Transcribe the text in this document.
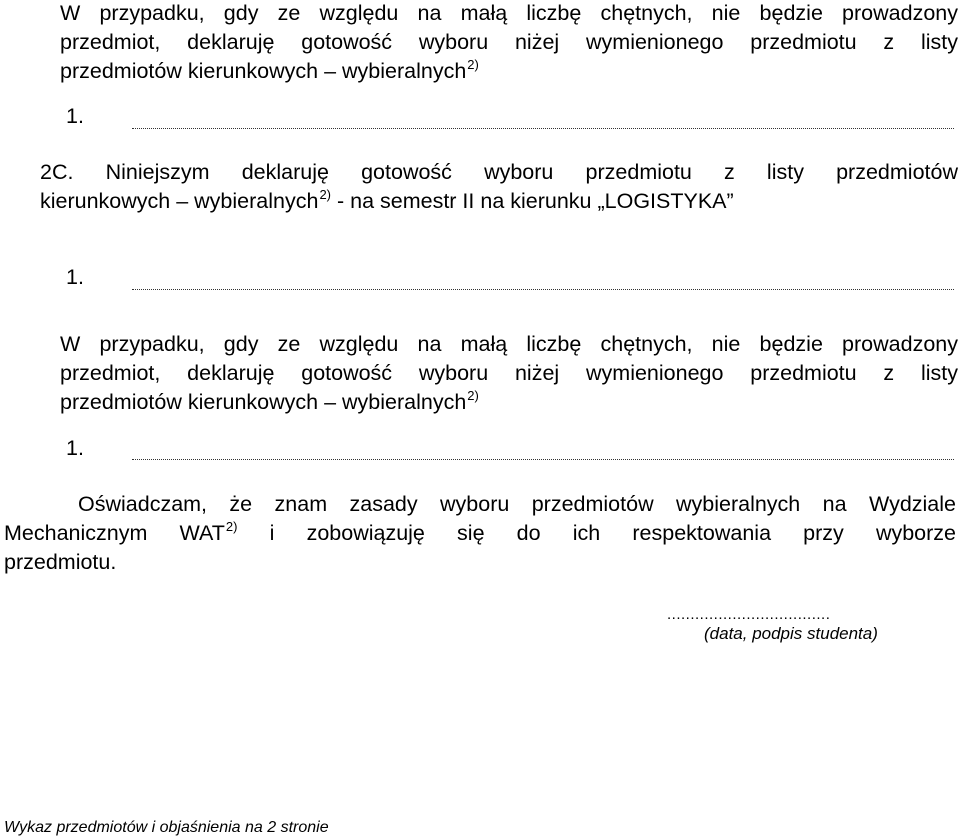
W przypadku, gdy ze względu na małą liczbę chętnych, nie będzie prowadzony
przedmiot, deklaruję gotowość wyboru niżej wymienionego przedmiotu z listy
przedmiotów kierunkowych – wybieralnych$^{2)}$
1.
2C. Niniejszym deklaruję gotowość wyboru przedmiotu z listy przedmiotów
kierunkowych – wybieralnych$^{2)}$ - na semestr II na kierunku „LOGISTYKA”
1.
W przypadku, gdy ze względu na małą liczbę chętnych, nie będzie prowadzony
przedmiot, deklaruję gotowość wyboru niżej wymienionego przedmiotu z listy
przedmiotów kierunkowych – wybieralnych$^{2)}$
1.
Oświadczam, że znam zasady wyboru przedmiotów wybieralnych na Wydziale
Mechanicznym WAT$^{2)}$ i zobowiązuję się do ich respektowania przy wyborze
przedmiotu.
...................................
(data, podpis studenta)
Wykaz przedmiotów i objaśnienia na 2 stronie
